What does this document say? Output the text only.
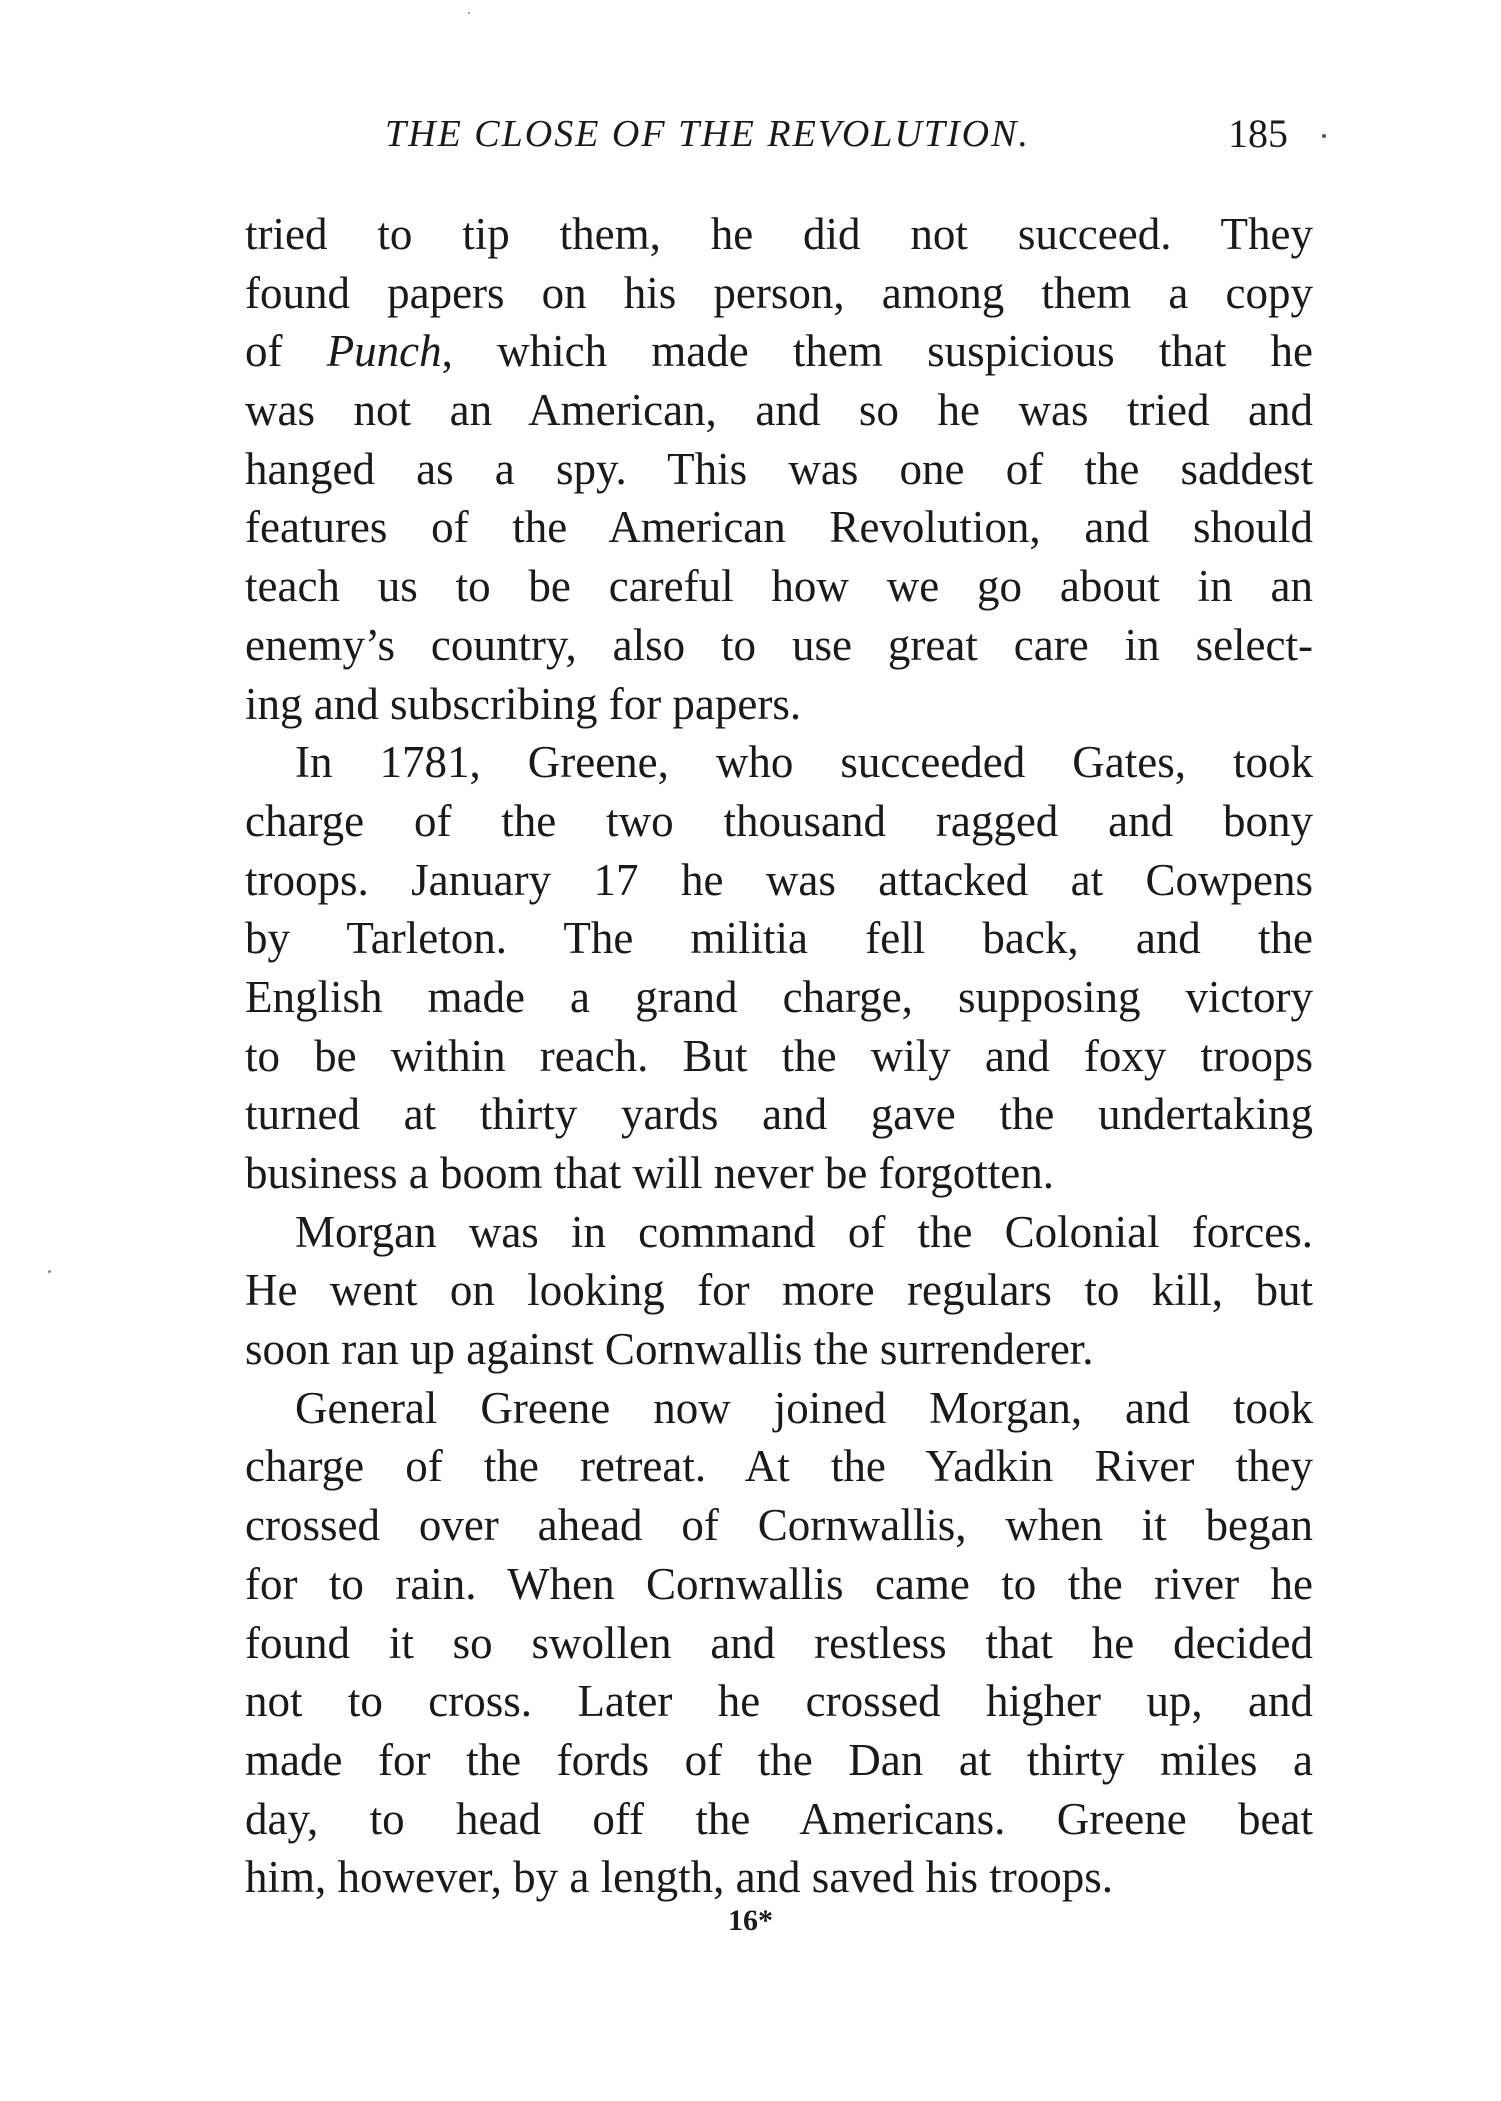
THE CLOSE OF THE REVOLUTION.	185
tried to tip them, he did not succeed. They
found papers on his person, among them a copy
of Punch, which made them suspicious that he
was not an American, and so he was tried and
hanged as a spy. This was one of the saddest
features of the American Revolution, and should
teach us to be careful how we go about in an
enemy’s country, also to use great care in select-
ing and subscribing for papers.
In 1781, Greene, who succeeded Gates, took
charge of the two thousand ragged and bony
troops. January 17 he was attacked at Cowpens
by Tarleton. The militia fell back, and the
English made a grand charge, supposing victory
to be within reach. But the wily and foxy troops
turned at thirty yards and gave the undertaking
business a boom that will never be forgotten.
Morgan was in command of the Colonial forces.
He went on looking for more regulars to kill, but
soon ran up against Cornwallis the surrenderer.
General Greene now joined Morgan, and took
charge of the retreat. At the Yadkin River they
crossed over ahead of Cornwallis, when it began
for to rain. When Cornwallis came to the river he
found it so swollen and restless that he decided
not to cross. Later he crossed higher up, and
made for the fords of the Dan at thirty miles a
day, to head off the Americans. Greene beat
him, however, by a length, and saved his troops.
16*
